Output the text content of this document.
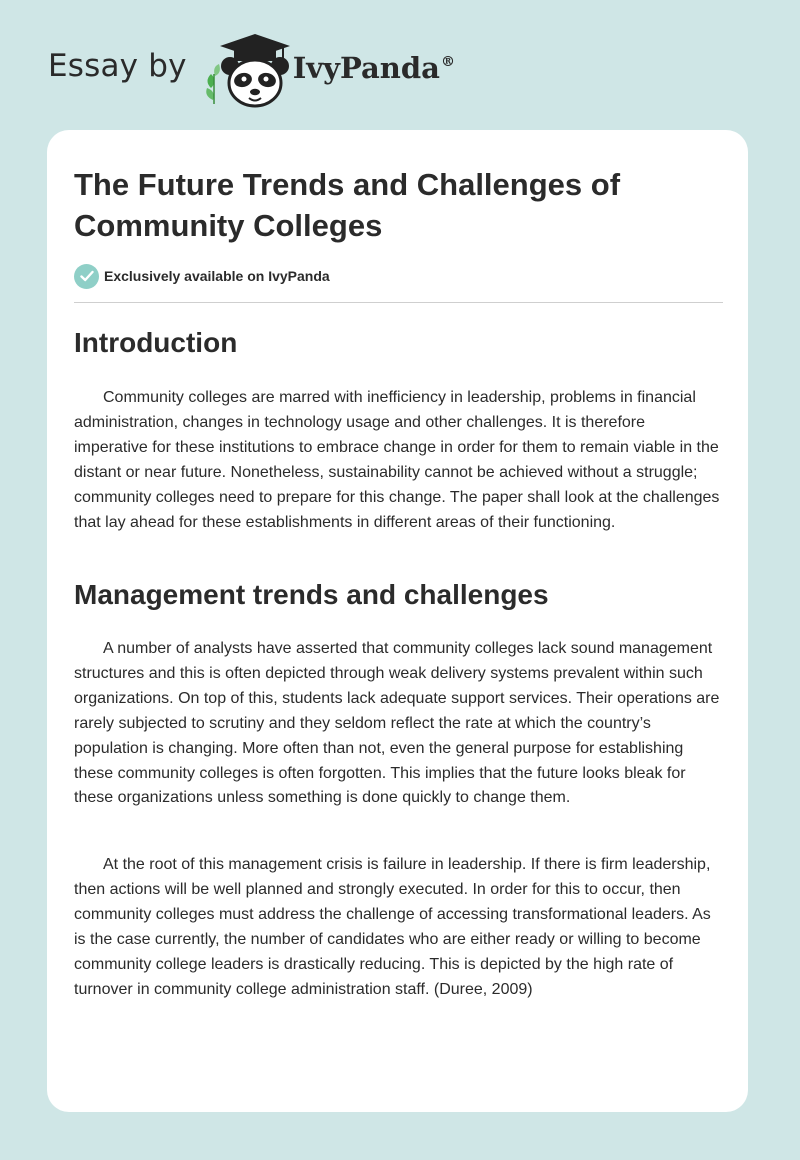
Essay by	IvyPanda®
The Future Trends and Challenges of Community Colleges
Exclusively available on IvyPanda
Introduction

Community colleges are marred with inefficiency in leadership, problems in financial administration, changes in technology usage and other challenges. It is therefore imperative for these institutions to embrace change in order for them to remain viable in the distant or near future. Nonetheless, sustainability cannot be achieved without a struggle; community colleges need to prepare for this change. The paper shall look at the challenges that lay ahead for these establishments in different areas of their functioning.

Management trends and challenges

A number of analysts have asserted that community colleges lack sound management structures and this is often depicted through weak delivery systems prevalent within such organizations. On top of this, students lack adequate support services. Their operations are rarely subjected to scrutiny and they seldom reflect the rate at which the country’s population is changing. More often than not, even the general purpose for establishing these community colleges is often forgotten. This implies that the future looks bleak for these organizations unless something is done quickly to change them.

At the root of this management crisis is failure in leadership. If there is firm leadership, then actions will be well planned and strongly executed. In order for this to occur, then community colleges must address the challenge of accessing transformational leaders. As is the case currently, the number of candidates who are either ready or willing to become community college leaders is drastically reducing. This is depicted by the high rate of turnover in community college administration staff. (Duree, 2009)
